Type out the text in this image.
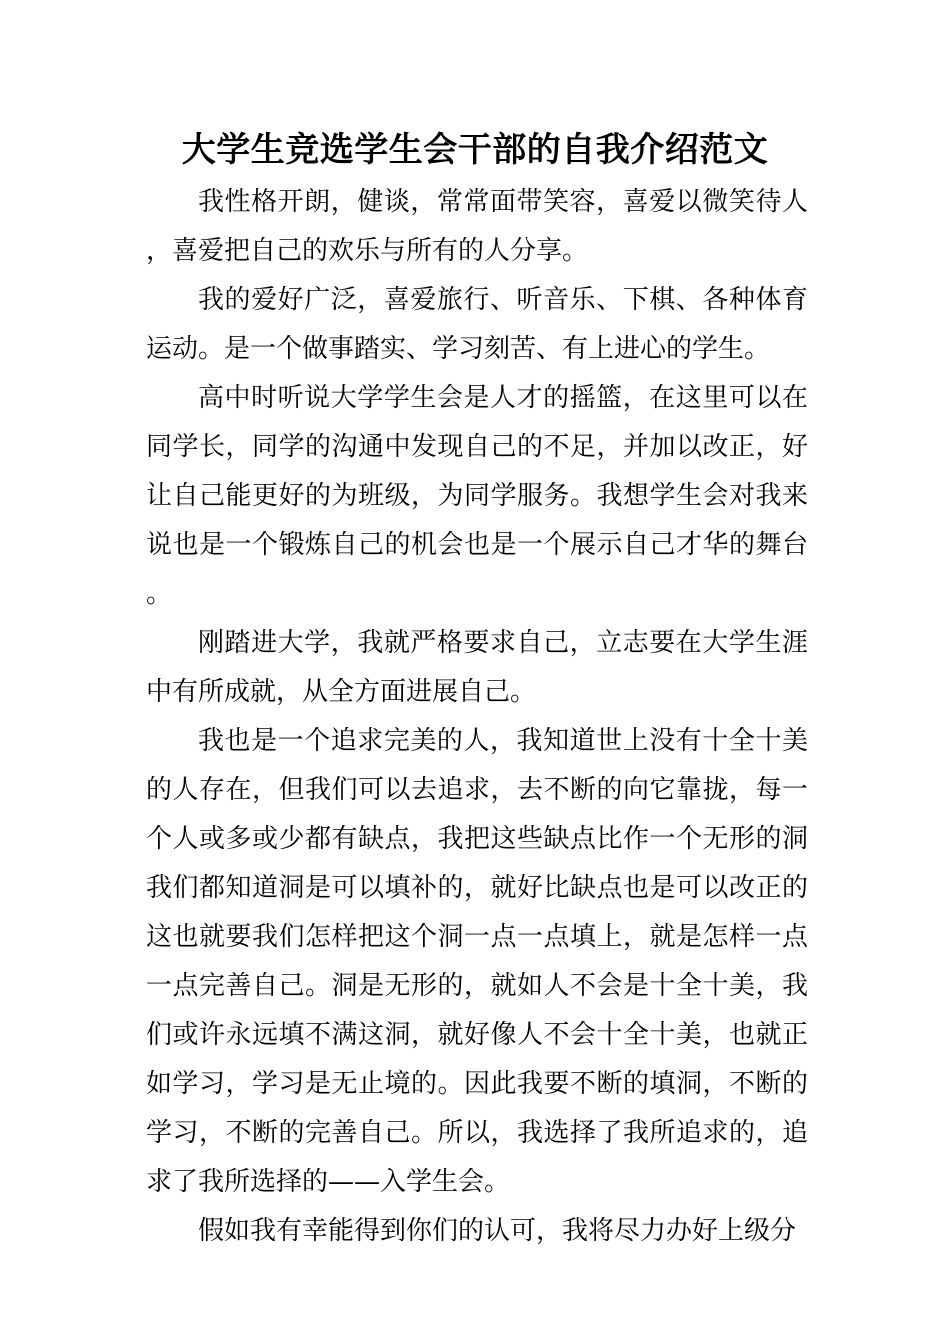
大学生竞选学生会干部的自我介绍范文

我性格开朗，健谈，常常面带笑容，喜爱以微笑待人，喜爱把自己的欢乐与所有的人分享。

我的爱好广泛，喜爱旅行、听音乐、下棋、各种体育运动。是一个做事踏实、学习刻苦、有上进心的学生。

高中时听说大学学生会是人才的摇篮，在这里可以在同学长，同学的沟通中发现自己的不足，并加以改正，好让自己能更好的为班级，为同学服务。我想学生会对我来说也是一个锻炼自己的机会也是一个展示自己才华的舞台。

刚踏进大学，我就严格要求自己，立志要在大学生涯中有所成就，从全方面进展自己。

我也是一个追求完美的人，我知道世上没有十全十美的人存在，但我们可以去追求，去不断的向它靠拢，每一个人或多或少都有缺点，我把这些缺点比作一个无形的洞我们都知道洞是可以填补的，就好比缺点也是可以改正的这也就要我们怎样把这个洞一点一点填上，就是怎样一点一点完善自己。洞是无形的，就如人不会是十全十美，我们或许永远填不满这洞，就好像人不会十全十美，也就正如学习，学习是无止境的。因此我要不断的填洞，不断的学习，不断的完善自己。所以，我选择了我所追求的，追求了我所选择的——入学生会。

假如我有幸能得到你们的认可，我将尽力办好上级分
